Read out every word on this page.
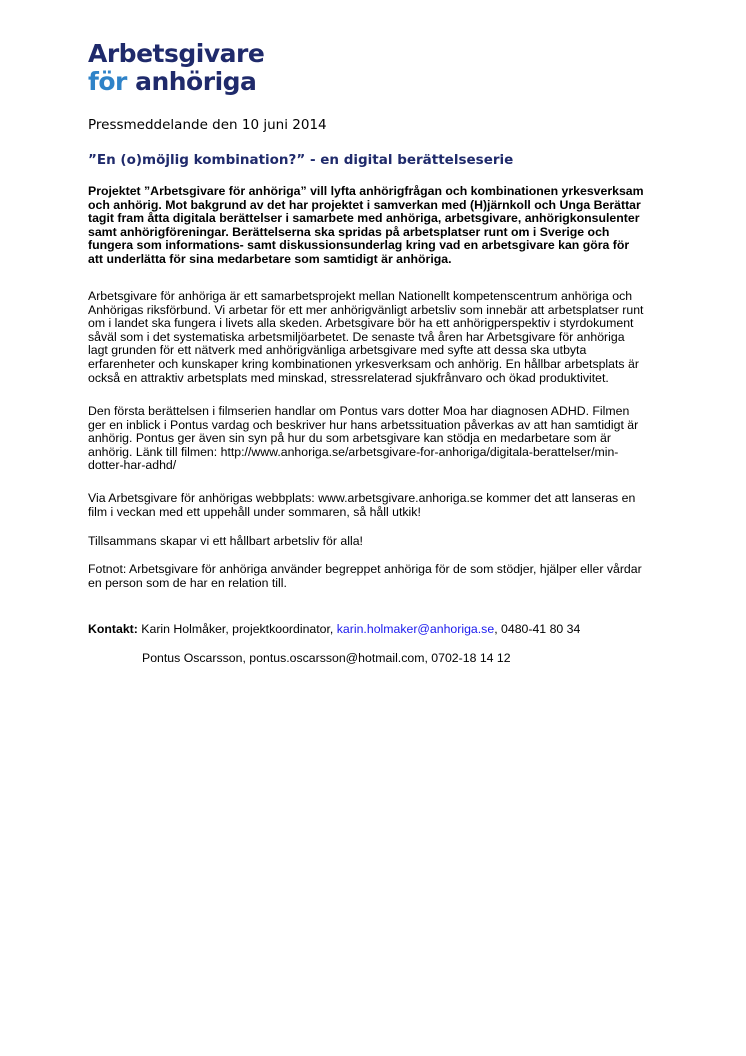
Arbetsgivare
för anhöriga
Pressmeddelande den 10 juni 2014
”En (o)möjlig kombination?” - en digital berättelseserie

Projektet ”Arbetsgivare för anhöriga” vill lyfta anhörigfrågan och kombinationen yrkesverksam
och anhörig. Mot bakgrund av det har projektet i samverkan med (H)järnkoll och Unga Berättar
tagit fram åtta digitala berättelser i samarbete med anhöriga, arbetsgivare, anhörigkonsulenter
samt anhörigföreningar. Berättelserna ska spridas på arbetsplatser runt om i Sverige och
fungera som informations- samt diskussionsunderlag kring vad en arbetsgivare kan göra för
att underlätta för sina medarbetare som samtidigt är anhöriga.

Arbetsgivare för anhöriga är ett samarbetsprojekt mellan Nationellt kompetenscentrum anhöriga och
Anhörigas riksförbund. Vi arbetar för ett mer anhörigvänligt arbetsliv som innebär att arbetsplatser runt
om i landet ska fungera i livets alla skeden. Arbetsgivare bör ha ett anhörigperspektiv i styrdokument
såväl som i det systematiska arbetsmiljöarbetet. De senaste två åren har Arbetsgivare för anhöriga
lagt grunden för ett nätverk med anhörigvänliga arbetsgivare med syfte att dessa ska utbyta
erfarenheter och kunskaper kring kombinationen yrkesverksam och anhörig. En hållbar arbetsplats är
också en attraktiv arbetsplats med minskad, stressrelaterad sjukfrånvaro och ökad produktivitet.

Den första berättelsen i filmserien handlar om Pontus vars dotter Moa har diagnosen ADHD. Filmen
ger en inblick i Pontus vardag och beskriver hur hans arbetssituation påverkas av att han samtidigt är
anhörig. Pontus ger även sin syn på hur du som arbetsgivare kan stödja en medarbetare som är
anhörig. Länk till filmen: http://www.anhoriga.se/arbetsgivare-for-anhoriga/digitala-berattelser/min-
dotter-har-adhd/

Via Arbetsgivare för anhörigas webbplats: www.arbetsgivare.anhoriga.se kommer det att lanseras en
film i veckan med ett uppehåll under sommaren, så håll utkik!

Tillsammans skapar vi ett hållbart arbetsliv för alla!

Fotnot: Arbetsgivare för anhöriga använder begreppet anhöriga för de som stödjer, hjälper eller vårdar
en person som de har en relation till.

Kontakt: Karin Holmåker, projektkoordinator, karin.holmaker@anhoriga.se, 0480-41 80 34
Pontus Oscarsson, pontus.oscarsson@hotmail.com, 0702-18 14 12
